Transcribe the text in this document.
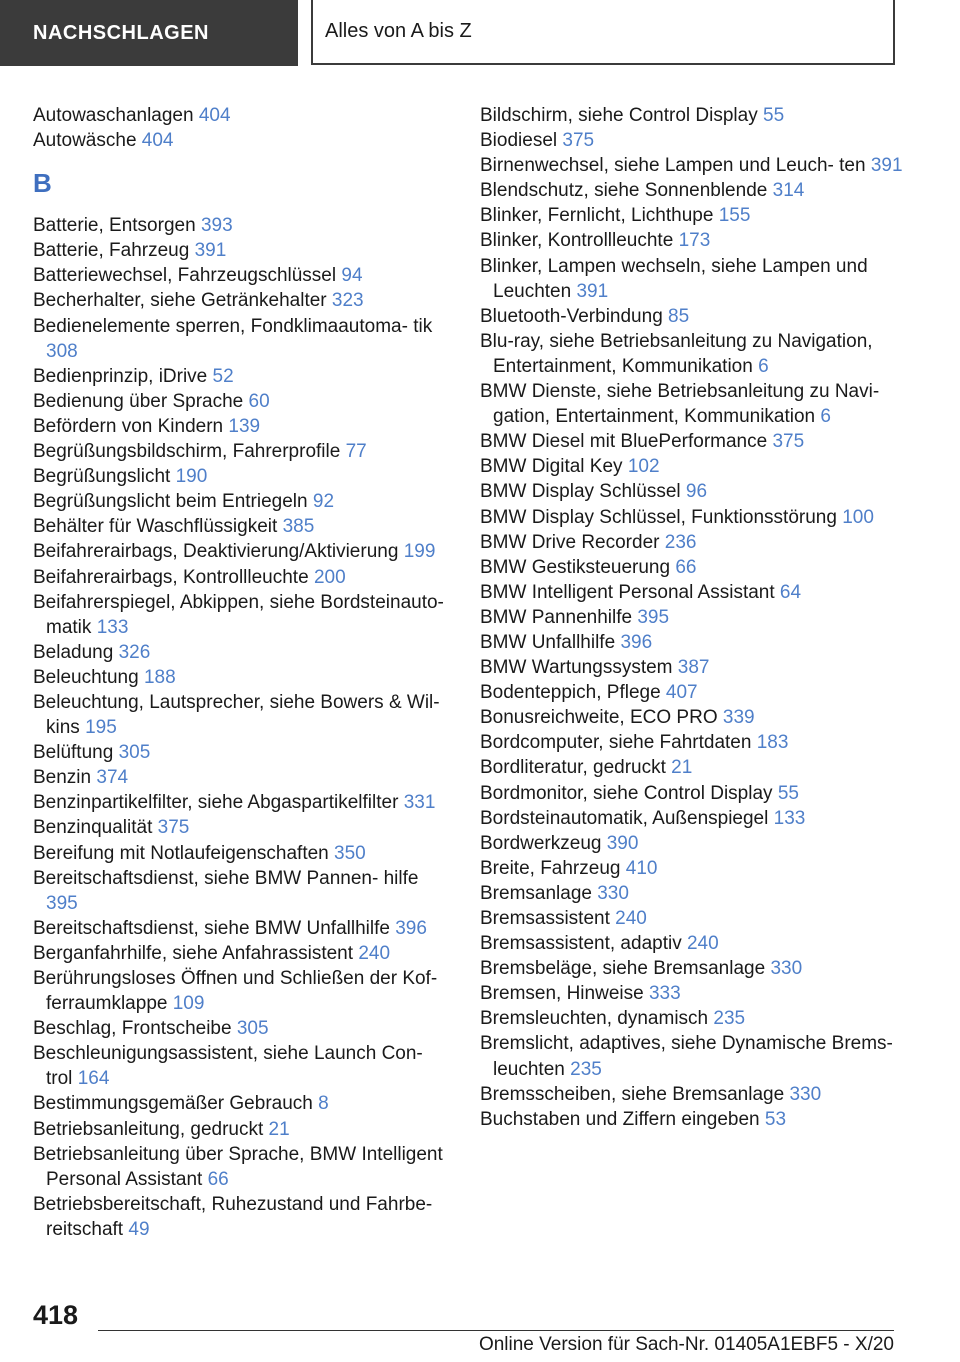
NACHSCHLAGEN	Alles von A bis Z
Autowaschanlagen 404
Autowäsche 404
B
Batterie, Entsorgen 393
Batterie, Fahrzeug 391
Batteriewechsel, Fahrzeugschlüssel 94
Becherhalter, siehe Getränkehalter 323
Bedienelemente sperren, Fondklimaautoma‐ tik 308
Bedienprinzip, iDrive 52
Bedienung über Sprache 60
Befördern von Kindern 139
Begrüßungsbildschirm, Fahrerprofile 77
Begrüßungslicht 190
Begrüßungslicht beim Entriegeln 92
Behälter für Waschflüssigkeit 385
Beifahrerairbags, Deaktivierung/Aktivierung 199
Beifahrerairbags, Kontrollleuchte 200
Beifahrerspiegel, Abkippen, siehe Bordsteinauto‐ matik 133
Beladung 326
Beleuchtung 188
Beleuchtung, Lautsprecher, siehe Bowers & Wil‐ kins 195
Belüftung 305
Benzin 374
Benzinpartikelfilter, siehe Abgaspartikelfilter 331
Benzinqualität 375
Bereifung mit Notlaufeigenschaften 350
Bereitschaftsdienst, siehe BMW Pannen‐ hilfe 395
Bereitschaftsdienst, siehe BMW Unfallhilfe 396
Berganfahrhilfe, siehe Anfahrassistent 240
Berührungsloses Öffnen und Schließen der Kof‐ ferraumklappe 109
Beschlag, Frontscheibe 305
Beschleunigungsassistent, siehe Launch Con‐ trol 164
Bestimmungsgemäßer Gebrauch 8
Betriebsanleitung, gedruckt 21
Betriebsanleitung über Sprache, BMW Intelligent Personal Assistant 66
Betriebsbereitschaft, Ruhezustand und Fahrbe‐ reitschaft 49
Bildschirm, siehe Control Display 55
Biodiesel 375
Birnenwechsel, siehe Lampen und Leuch‐ ten 391
Blendschutz, siehe Sonnenblende 314
Blinker, Fernlicht, Lichthupe 155
Blinker, Kontrollleuchte 173
Blinker, Lampen wechseln, siehe Lampen und Leuchten 391
Bluetooth-Verbindung 85
Blu-ray, siehe Betriebsanleitung zu Navigation, Entertainment, Kommunikation 6
BMW Dienste, siehe Betriebsanleitung zu Navi‐ gation, Entertainment, Kommunikation 6
BMW Diesel mit BluePerformance 375
BMW Digital Key 102
BMW Display Schlüssel 96
BMW Display Schlüssel, Funktionsstörung 100
BMW Drive Recorder 236
BMW Gestiksteuerung 66
BMW Intelligent Personal Assistant 64
BMW Pannenhilfe 395
BMW Unfallhilfe 396
BMW Wartungssystem 387
Bodenteppich, Pflege 407
Bonusreichweite, ECO PRO 339
Bordcomputer, siehe Fahrtdaten 183
Bordliteratur, gedruckt 21
Bordmonitor, siehe Control Display 55
Bordsteinautomatik, Außenspiegel 133
Bordwerkzeug 390
Breite, Fahrzeug 410
Bremsanlage 330
Bremsassistent 240
Bremsassistent, adaptiv 240
Bremsbeläge, siehe Bremsanlage 330
Bremsen, Hinweise 333
Bremsleuchten, dynamisch 235
Bremslicht, adaptives, siehe Dynamische Brems‐ leuchten 235
Bremsscheiben, siehe Bremsanlage 330
Buchstaben und Ziffern eingeben 53
418
Online Version für Sach-Nr. 01405A1EBF5 - X/20
